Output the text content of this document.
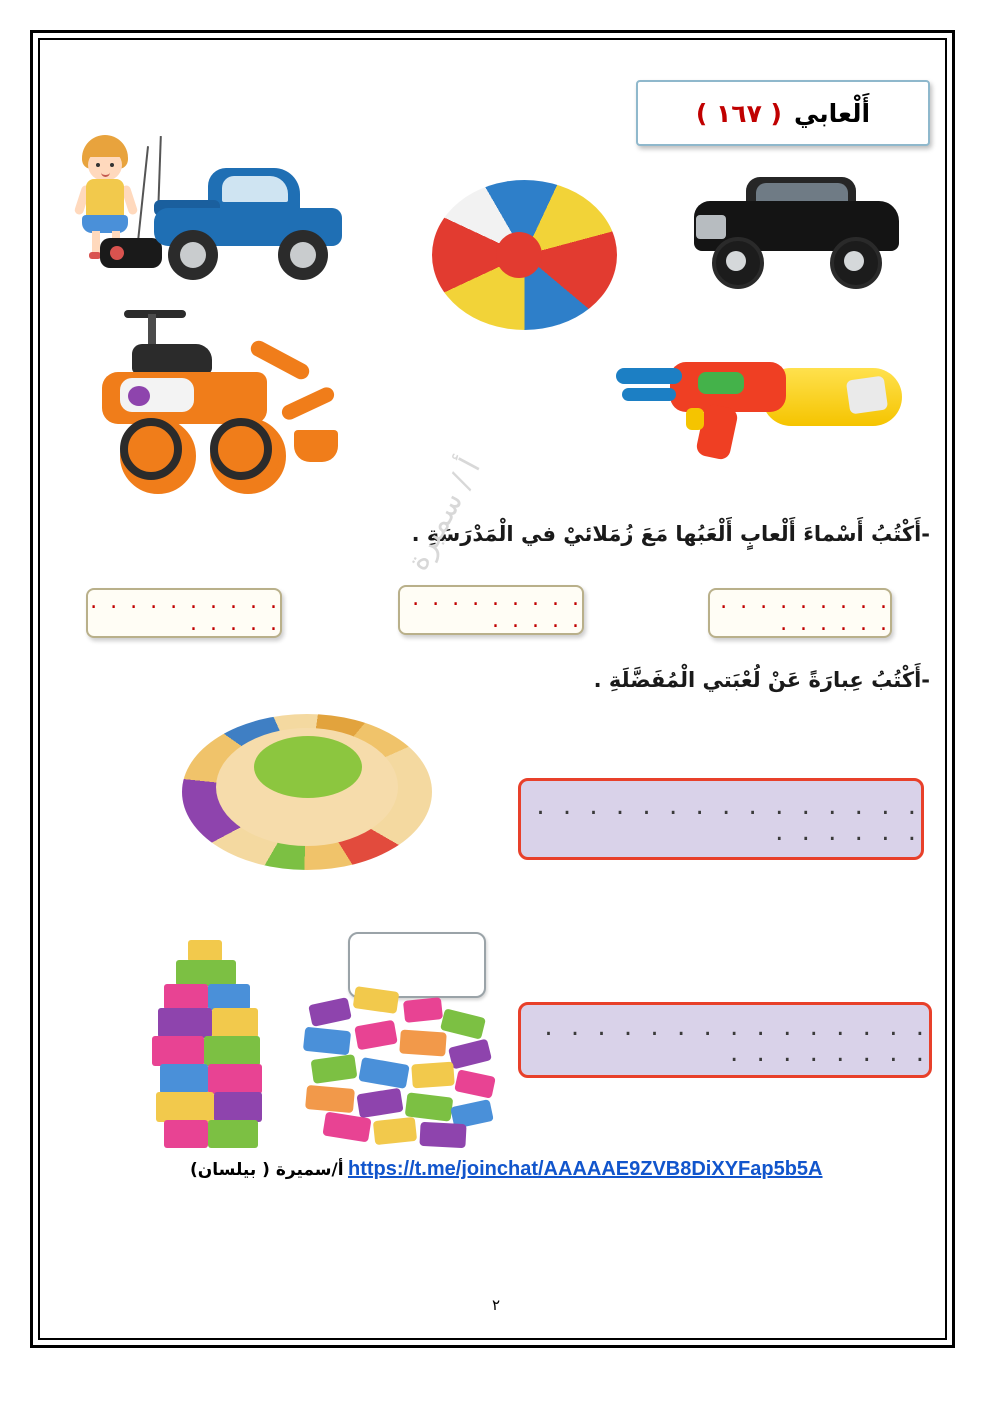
أَلْعابي
( ١٦٧ )
-أَكْتُبُ أَسْماءَ أَلْعابٍ أَلْعَبُها مَعَ زُمَلائيْ في الْمَدْرَسَةِ .
. . . . . . . . . . . . . . .
. . . . . . . . . . . . . .
. . . . . . . . . . . . . . .
أ / سميرة
-أَكْتُبُ عِبارَةً عَنْ لُعْبَتي الْمُفَضَّلَةِ .
. . . . . . . . . . . . . . . . . . . . .
. . . . . . . . . . . . . . . . . . . . . . .
https://t.me/joinchat/AAAAAE9ZVB8DiXYFap5b5A
أ/سميرة ( بيلسان)
٢
